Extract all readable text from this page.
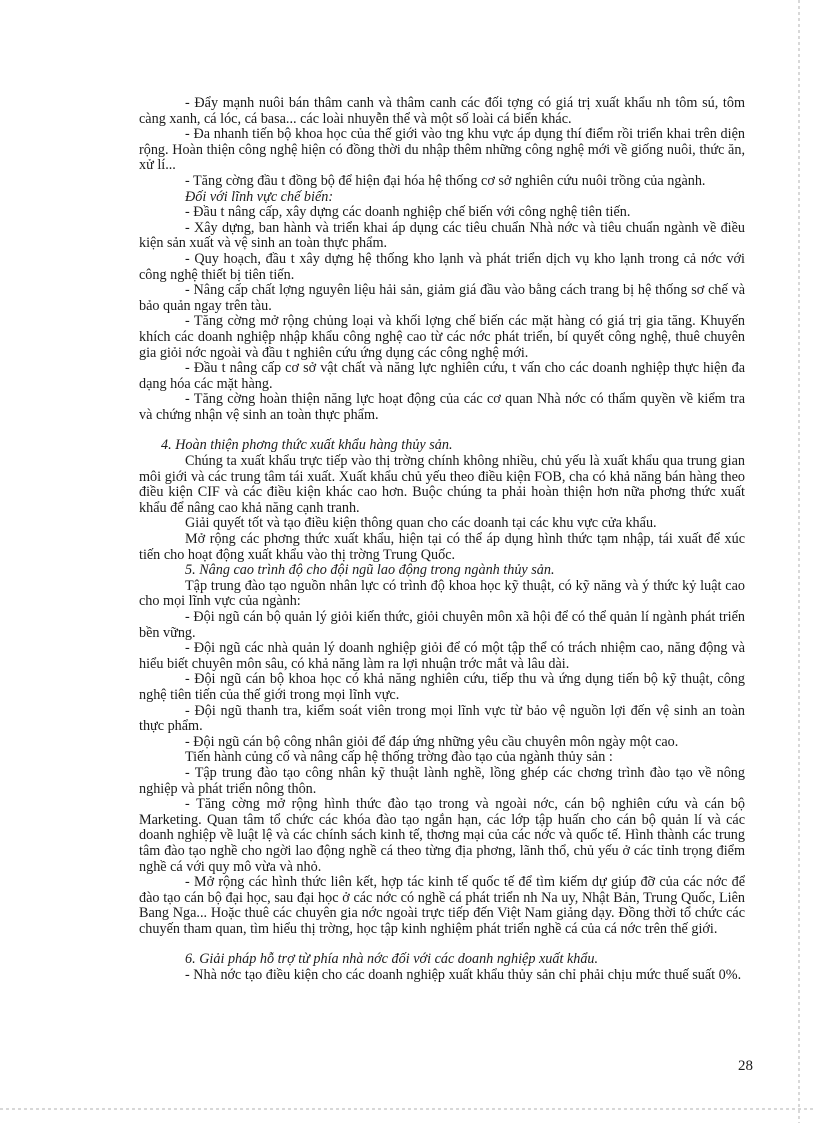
- Đẩy mạnh nuôi bán thâm canh và thâm canh các đối tợng có giá trị xuất khẩu nh tôm sú, tôm càng xanh, cá lóc, cá basa... các loài nhuyễn thể và một số loài cá biển khác.

- Đa nhanh tiến bộ khoa học của thế giới vào tng khu vực áp dụng thí điểm rồi triển khai trên diện rộng. Hoàn thiện công nghệ hiện có đồng thời du nhập thêm những công nghệ mới về giống nuôi, thức ăn, xử lí...

- Tăng cờng đầu t đồng bộ để hiện đại hóa hệ thống cơ sở nghiên cứu nuôi trồng của ngành.

Đối với lĩnh vực chế biến:

- Đầu t nâng cấp, xây dựng các doanh nghiệp chế biến với công nghệ tiên tiến.

- Xây dựng, ban hành và triển khai áp dụng các tiêu chuẩn Nhà nớc và tiêu chuẩn ngành về điều kiện sản xuất và vệ sinh an toàn thực phẩm.

- Quy hoạch, đầu t xây dựng hệ thống kho lạnh và phát triển dịch vụ kho lạnh trong cả nớc với công nghệ thiết bị tiên tiến.

- Nâng cấp chất lợng nguyên liệu hải sản, giảm giá đầu vào bằng cách trang bị hệ thống sơ chế và bảo quản ngay trên tàu.

- Tăng cờng mở rộng chủng loại và khối lợng chế biến các mặt hàng có giá trị gia tăng. Khuyến khích các doanh nghiệp nhập khẩu công nghệ cao từ các nớc phát triển, bí quyết công nghệ, thuê chuyên gia giỏi nớc ngoài và đầu t nghiên cứu ứng dụng các công nghệ mới.

- Đầu t nâng cấp cơ sở vật chất và năng lực nghiên cứu, t vấn cho các doanh nghiệp thực hiện đa dạng hóa các mặt hàng.

- Tăng cờng hoàn thiện năng lực hoạt động của các cơ quan Nhà nớc có thẩm quyền về kiểm tra và chứng nhận vệ sinh an toàn thực phẩm.

4. Hoàn thiện phơng thức xuất khẩu hàng thủy sản.

Chúng ta xuất khẩu trực tiếp vào thị trờng chính không nhiều, chủ yếu là xuất khẩu qua trung gian môi giới và các trung tâm tái xuất. Xuất khẩu chủ yếu theo điều kiện FOB, cha có khả năng bán hàng theo điều kiện CIF và các điều kiện khác cao hơn. Buộc chúng ta phải hoàn thiện hơn nữa phơng thức xuất khẩu để nâng cao khả năng cạnh tranh.

Giải quyết tốt và tạo điều kiện thông quan cho các doanh tại các khu vực cửa khẩu.

Mở rộng các phơng thức xuất khẩu, hiện tại có thể áp dụng hình thức tạm nhập, tái xuất để xúc tiến cho hoạt động xuất khẩu vào thị trờng Trung Quốc.

5. Nâng cao trình độ cho đội ngũ lao động trong ngành thủy sản.

Tập trung đào tạo nguồn nhân lực có trình độ khoa học kỹ thuật, có kỹ năng và ý thức kỷ luật cao cho mọi lĩnh vực của ngành:

- Đội ngũ cán bộ quản lý giỏi kiến thức, giỏi chuyên môn xã hội để có thể quản lí ngành phát triển bền vững.

- Đội ngũ các nhà quản lý doanh nghiệp giỏi để có một tập thể có trách nhiệm cao, năng động và hiểu biết chuyên môn sâu, có khả năng làm ra lợi nhuận trớc mắt và lâu dài.

- Đội ngũ cán bộ khoa học có khả năng nghiên cứu, tiếp thu và ứng dụng tiến bộ kỹ thuật, công nghệ tiên tiến của thế giới trong mọi lĩnh vực.

- Đội ngũ thanh tra, kiểm soát viên trong mọi lĩnh vực từ bảo vệ nguồn lợi đến vệ sinh an toàn thực phẩm.

- Đội ngũ cán bộ công nhân giỏi để đáp ứng những yêu cầu chuyên môn ngày một cao.

Tiến hành củng cố và nâng cấp hệ thống trờng đào tạo của ngành thủy sản :

- Tập trung đào tạo công nhân kỹ thuật lành nghề, lồng ghép các chơng trình đào tạo về nông nghiệp và phát triển nông thôn.

- Tăng cờng mở rộng hình thức đào tạo trong và ngoài nớc, cán bộ nghiên cứu và cán bộ Marketing. Quan tâm tổ chức các khóa đào tạo ngắn hạn, các lớp tập huấn cho cán bộ quản lí và các doanh nghiệp về luật lệ và các chính sách kinh tế, thơng mại của các nớc và quốc tế. Hình thành các trung tâm đào tạo nghề cho ngời lao động nghề cá theo từng địa phơng, lãnh thổ, chủ yếu ở các tỉnh trọng điểm nghề cá với quy mô vừa và nhỏ.

- Mở rộng các hình thức liên kết, hợp tác kinh tế quốc tế để tìm kiếm dự giúp đỡ của các nớc để đào tạo cán bộ đại học, sau đại học ở các nớc có nghề cá phát triển nh Na uy, Nhật Bản, Trung Quốc, Liên Bang Nga... Hoặc thuê các chuyên gia nớc ngoài trực tiếp đến Việt Nam giảng dạy. Đồng thời tổ chức các chuyến tham quan, tìm hiểu thị trờng, học tập kinh nghiệm phát triển nghề cá của cá nớc trên thế giới.

6. Giải pháp hỗ trợ từ phía nhà nớc đối với các doanh nghiệp xuất khẩu.

- Nhà nớc tạo điều kiện cho các doanh nghiệp xuất khẩu thủy sản chỉ phải chịu mức thuế suất 0%.

28
